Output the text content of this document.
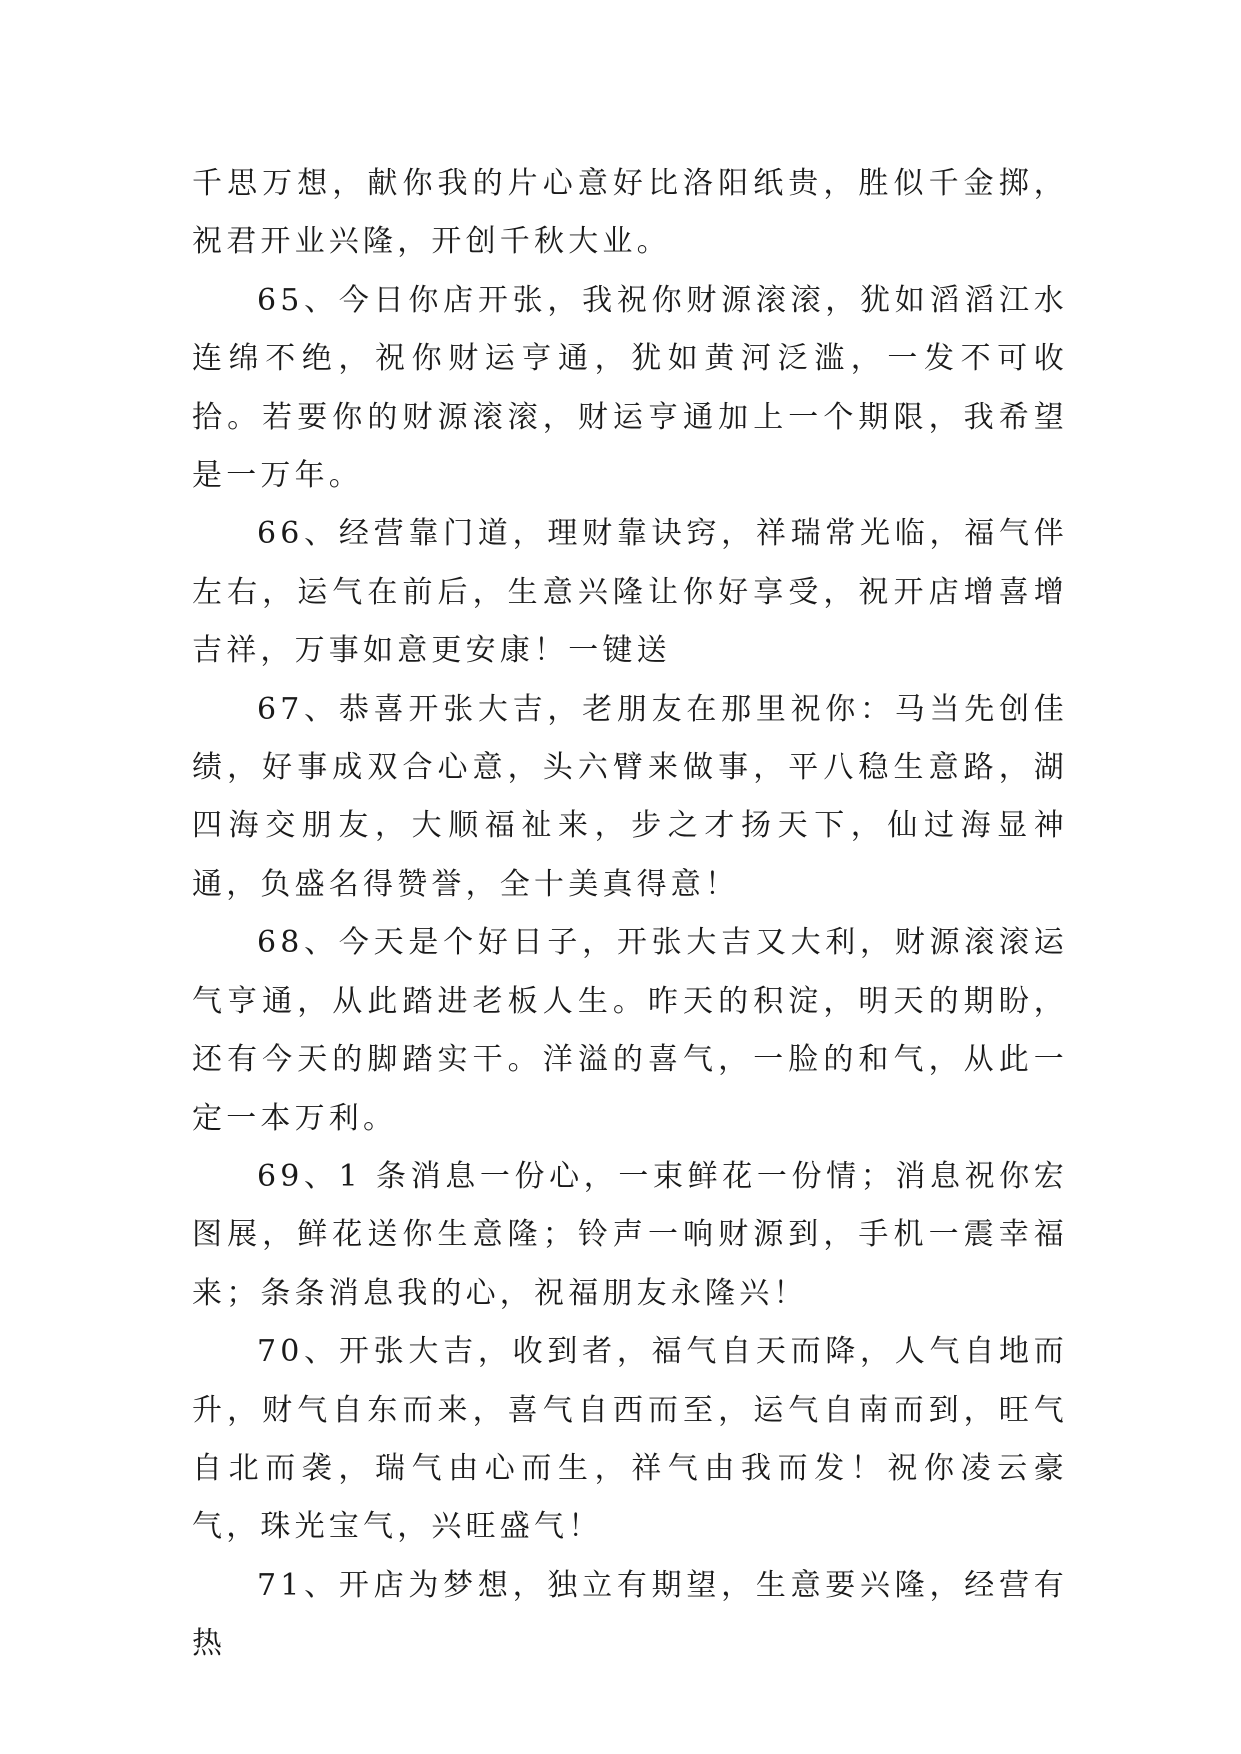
千思万想，献你我的片心意好比洛阳纸贵，胜似千金掷，祝君开业兴隆，开创千秋大业。

65、今日你店开张，我祝你财源滚滚，犹如滔滔江水连绵不绝，祝你财运亨通，犹如黄河泛滥，一发不可收拾。若要你的财源滚滚，财运亨通加上一个期限，我希望是一万年。

66、经营靠门道，理财靠诀窍，祥瑞常光临，福气伴左右，运气在前后，生意兴隆让你好享受，祝开店增喜增吉祥，万事如意更安康！一键送

67、恭喜开张大吉，老朋友在那里祝你：马当先创佳绩，好事成双合心意，头六臂来做事，平八稳生意路，湖四海交朋友，大顺福祉来，步之才扬天下，仙过海显神通，负盛名得赞誉，全十美真得意！

68、今天是个好日子，开张大吉又大利，财源滚滚运气亨通，从此踏进老板人生。昨天的积淀，明天的期盼，还有今天的脚踏实干。洋溢的喜气，一脸的和气，从此一定一本万利。

69、1 条消息一份心，一束鲜花一份情；消息祝你宏图展，鲜花送你生意隆；铃声一响财源到，手机一震幸福来；条条消息我的心，祝福朋友永隆兴！

70、开张大吉，收到者，福气自天而降，人气自地而升，财气自东而来，喜气自西而至，运气自南而到，旺气自北而袭，瑞气由心而生，祥气由我而发！祝你凌云豪气，珠光宝气，兴旺盛气！

71、开店为梦想，独立有期望，生意要兴隆，经营有热
